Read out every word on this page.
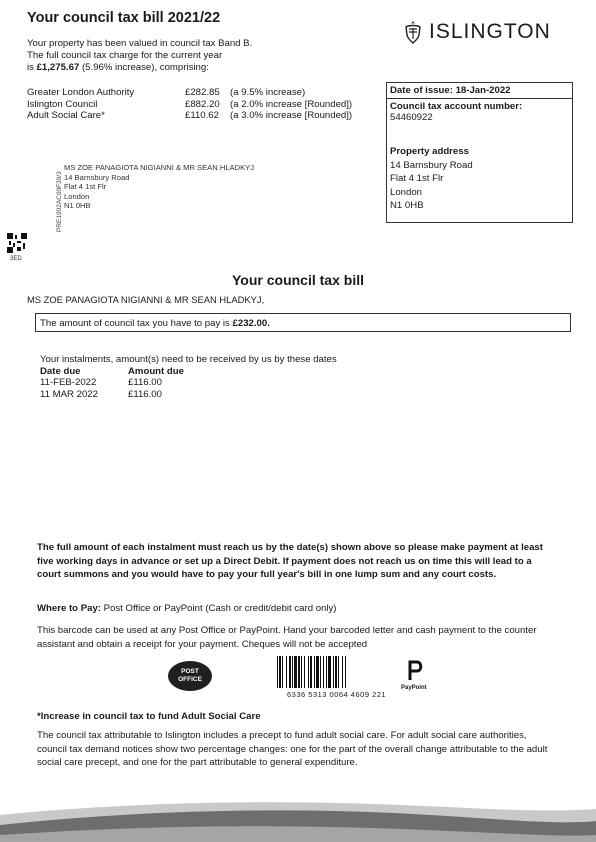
Your council tax bill 2021/22
ISLINGTON
Your property has been valued in council tax Band B.
The full council tax charge for the current year
is £1,275.67 (5.96% increase), comprising:
Greater London Authority	£282.85	(a 9.5% increase)
Islington Council	£882.20	(a 2.0% increase [Rounded])
Adult Social Care*	£110.62	(a 3.0% increase [Rounded])
Date of issue: 18-Jan-2022
Council tax account number:
54460922
Property address
14 Barnsbury Road
Flat 4 1st Flr
London
N1 0HB
PRE1902AC00F39/3
MS ZOE PANAGIOTA NIGIANNI & MR SEAN HLADKYJ
14 Barnsbury Road
Flat 4 1st Flr
London
N1 0HB
3ED
Your council tax bill
MS ZOE PANAGIOTA NIGIANNI & MR SEAN HLADKYJ,
The amount of council tax you have to pay is £232.00.
Your instalments, amount(s) need to be received by us by these dates
Date due	Amount due
11-FEB-2022	£116.00
11 MAR 2022	£116.00
The full amount of each instalment must reach us by the date(s) shown above so please make payment at least five working days in advance or set up a Direct Debit. If payment does not reach us on time this will lead to a court summons and you would have to pay your full year's bill in one lump sum and any court costs.
Where to Pay: Post Office or PayPoint (Cash or credit/debit card only)
This barcode can be used at any Post Office or PayPoint. Hand your barcoded letter and cash payment to the counter assistant and obtain a receipt for your payment. Cheques will not be accepted
POST
OFFICE
6336 5313 0064 4609 221
PayPoint
*Increase in council tax to fund Adult Social Care
The council tax attributable to Islington includes a precept to fund adult social care. For adult social care authorities, council tax demand notices show two percentage changes: one for the part of the overall change attributable to the adult social care precept, and one for the part attributable to general expenditure.
